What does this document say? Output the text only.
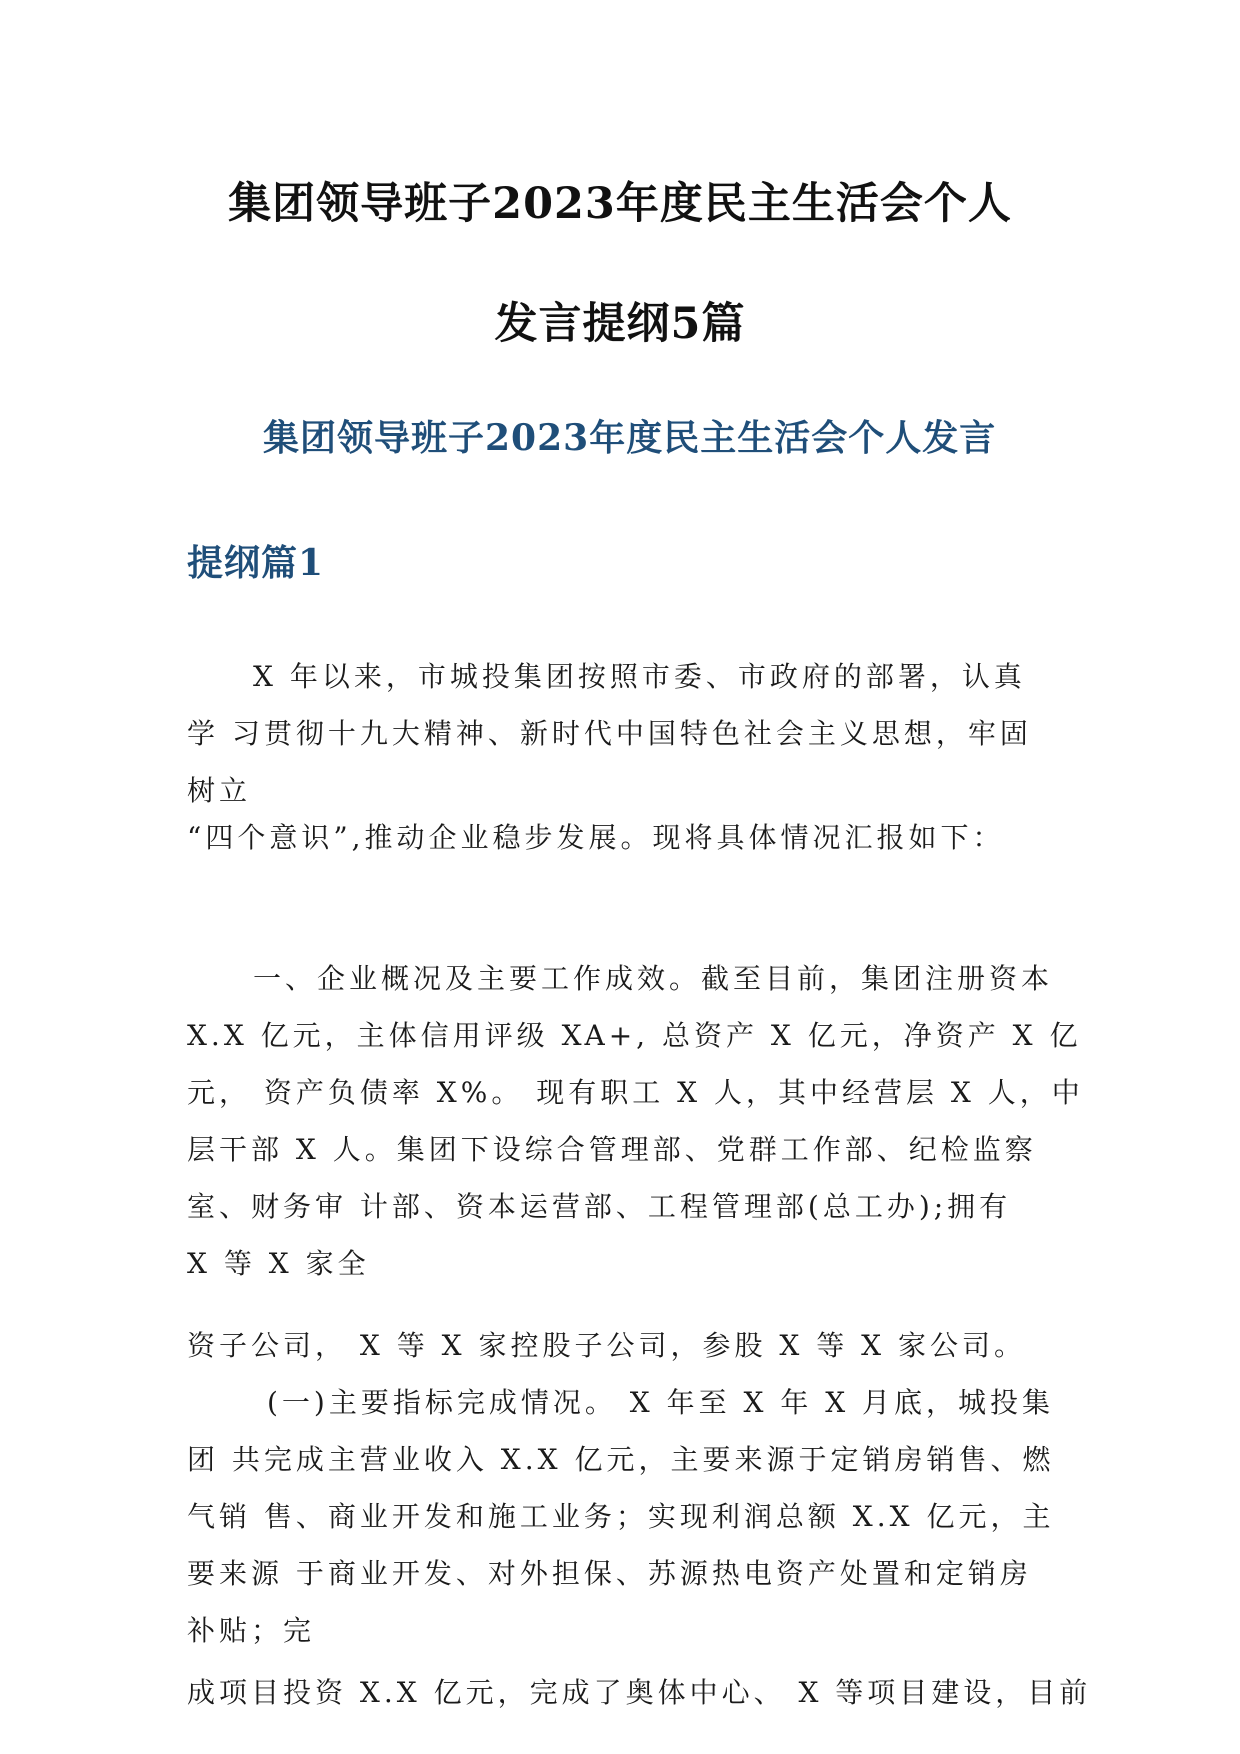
集团领导班子2023年度民主生活会个人
发言提纲5篇
集团领导班子2023年度民主生活会个人发言
提纲篇1
X 年以来，市城投集团按照市委、市政府的部署，认真
学 习贯彻十九大精神、新时代中国特色社会主义思想，牢固
树立
“四个意识”,推动企业稳步发展。现将具体情况汇报如下：
一、企业概况及主要工作成效。截至目前，集团注册资本
X.X 亿元，主体信用评级 XA+, 总资产 X 亿元，净资产 X 亿
元， 资产负债率 X%。 现有职工 X 人，其中经营层 X 人，中
层干部 X 人。集团下设综合管理部、党群工作部、纪检监察
室、财务审 计部、资本运营部、工程管理部(总工办);拥有
X 等 X 家全
资子公司， X 等 X 家控股子公司，参股 X 等 X 家公司。
(一)主要指标完成情况。 X 年至 X 年 X 月底，城投集
团 共完成主营业收入 X.X 亿元，主要来源于定销房销售、燃
气销 售、商业开发和施工业务；实现利润总额 X.X 亿元，主
要来源 于商业开发、对外担保、苏源热电资产处置和定销房
补贴；完
成项目投资 X.X 亿元，完成了奥体中心、 X 等项目建设，目前
